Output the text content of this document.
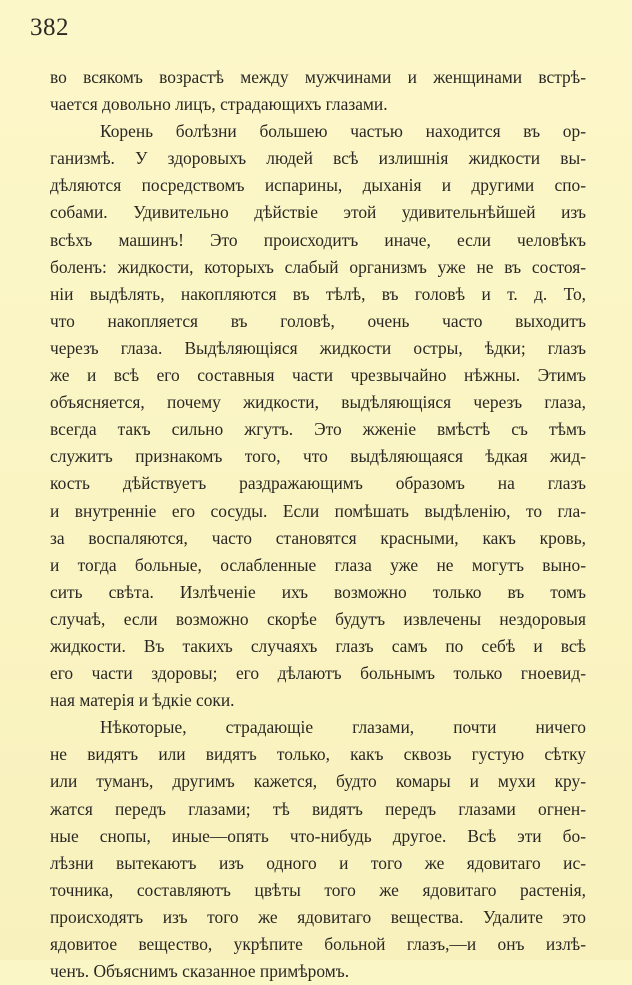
382
во всякомъ возрастѣ между мужчинами и женщинами встрѣ-
чается довольно лицъ, страдающихъ глазами.
Корень болѣзни большею частью находится въ ор-
ганизмѣ. У здоровыхъ людей всѣ излишнія жидкости вы-
дѣляются посредствомъ испарины, дыханія и другими спо-
собами. Удивительно дѣйствіе этой удивительнѣйшей изъ
всѣхъ машинъ! Это происходитъ иначе, если человѣкъ
боленъ: жидкости, которыхъ слабый организмъ уже не въ состоя-
ніи выдѣлять, накопляются въ тѣлѣ, въ головѣ и т. д. То,
что накопляется въ головѣ, очень часто выходитъ
черезъ глаза. Выдѣляющіяся жидкости остры, ѣдки; глазъ
же и всѣ его составныя части чрезвычайно нѣжны. Этимъ
объясняется, почему жидкости, выдѣляющіяся черезъ глаза,
всегда такъ сильно жгутъ. Это жженіе вмѣстѣ съ тѣмъ
служитъ признакомъ того, что выдѣляющаяся ѣдкая жид-
кость дѣйствуетъ раздражающимъ образомъ на глазъ
и внутренніе его сосуды. Если помѣшать выдѣленію, то гла-
за воспаляются, часто становятся красными, какъ кровь,
и тогда больные, ослабленные глаза уже не могутъ выно-
сить свѣта. Излѣченіе ихъ возможно только въ томъ
случаѣ, если возможно скорѣе будутъ извлечены нездоровыя
жидкости. Въ такихъ случаяхъ глазъ самъ по себѣ и всѣ
его части здоровы; его дѣлаютъ больнымъ только гноевид-
ная матерія и ѣдкіе соки.
Нѣкоторые, страдающіе глазами, почти ничего
не видятъ или видятъ только, какъ сквозь густую сѣтку
или туманъ, другимъ кажется, будто комары и мухи кру-
жатся передъ глазами; тѣ видятъ передъ глазами огнен-
ные снопы, иные—опять что-нибудь другое. Всѣ эти бо-
лѣзни вытекаютъ изъ одного и того же ядовитаго ис-
точника, составляютъ цвѣты того же ядовитаго растенія,
происходятъ изъ того же ядовитаго вещества. Удалите это
ядовитое вещество, укрѣпите больной глазъ,—и онъ излѣ-
ченъ. Объяснимъ сказанное примѣромъ.
